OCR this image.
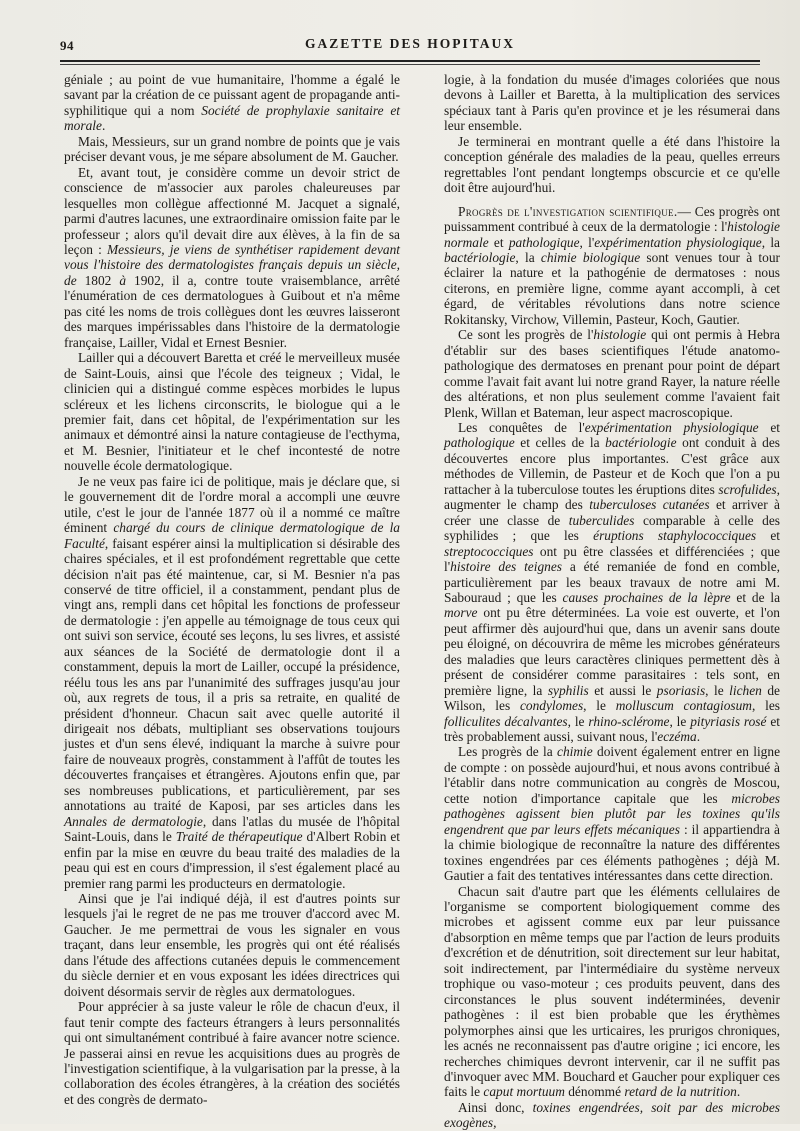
94	GAZETTE DES HOPITAUX

géniale ; au point de vue humanitaire, l'homme a égalé le savant par la création de ce puissant agent de propagande anti-syphilitique qui a nom Société de prophylaxie sanitaire et morale.

Mais, Messieurs, sur un grand nombre de points que je vais préciser devant vous, je me sépare absolument de M. Gaucher.

Et, avant tout, je considère comme un devoir strict de conscience de m'associer aux paroles chaleureuses par lesquelles mon collègue affectionné M. Jacquet a signalé, parmi d'autres lacunes, une extraordinaire omission faite par le professeur ; alors qu'il devait dire aux élèves, à la fin de sa leçon : Messieurs, je viens de synthétiser rapidement devant vous l'histoire des dermatologistes français depuis un siècle, de 1802 à 1902, il a, contre toute vraisemblance, arrêté l'énumération de ces dermatologues à Guibout et n'a même pas cité les noms de trois collègues dont les œuvres laisseront des marques impérissables dans l'histoire de la dermatologie française, Lailler, Vidal et Ernest Besnier.

Lailler qui a découvert Baretta et créé le merveilleux musée de Saint-Louis, ainsi que l'école des teigneux ; Vidal, le clinicien qui a distingué comme espèces morbides le lupus scléreux et les lichens circonscrits, le biologue qui a le premier fait, dans cet hôpital, de l'expérimentation sur les animaux et démontré ainsi la nature contagieuse de l'ecthyma, et M. Besnier, l'initiateur et le chef incontesté de notre nouvelle école dermatologique.

Je ne veux pas faire ici de politique, mais je déclare que, si le gouvernement dit de l'ordre moral a accompli une œuvre utile, c'est le jour de l'année 1877 où il a nommé ce maître éminent chargé du cours de clinique dermatologique de la Faculté, faisant espérer ainsi la multiplication si désirable des chaires spéciales, et il est profondément regrettable que cette décision n'ait pas été maintenue, car, si M. Besnier n'a pas conservé de titre officiel, il a constamment, pendant plus de vingt ans, rempli dans cet hôpital les fonctions de professeur de dermatologie : j'en appelle au témoignage de tous ceux qui ont suivi son service, écouté ses leçons, lu ses livres, et assisté aux séances de la Société de dermatologie dont il a constamment, depuis la mort de Lailler, occupé la présidence, réélu tous les ans par l'unanimité des suffrages jusqu'au jour où, aux regrets de tous, il a pris sa retraite, en qualité de président d'honneur. Chacun sait avec quelle autorité il dirigeait nos débats, multipliant ses observations toujours justes et d'un sens élevé, indiquant la marche à suivre pour faire de nouveaux progrès, constamment à l'affût de toutes les découvertes françaises et étrangères. Ajoutons enfin que, par ses nombreuses publications, et particulièrement, par ses annotations au traité de Kaposi, par ses articles dans les Annales de dermatologie, dans l'atlas du musée de l'hôpital Saint-Louis, dans le Traité de thérapeutique d'Albert Robin et enfin par la mise en œuvre du beau traité des maladies de la peau qui est en cours d'impression, il s'est également placé au premier rang parmi les producteurs en dermatologie.

Ainsi que je l'ai indiqué déjà, il est d'autres points sur lesquels j'ai le regret de ne pas me trouver d'accord avec M. Gaucher. Je me permettrai de vous les signaler en vous traçant, dans leur ensemble, les progrès qui ont été réalisés dans l'étude des affections cutanées depuis le commencement du siècle dernier et en vous exposant les idées directrices qui doivent désormais servir de règles aux dermatologues.

Pour apprécier à sa juste valeur le rôle de chacun d'eux, il faut tenir compte des facteurs étrangers à leurs personnalités qui ont simultanément contribué à faire avancer notre science. Je passerai ainsi en revue les acquisitions dues au progrès de l'investigation scientifique, à la vulgarisation par la presse, à la collaboration des écoles étrangères, à la création des sociétés et des congrès de dermato-

logie, à la fondation du musée d'images coloriées que nous devons à Lailler et Baretta, à la multiplication des services spéciaux tant à Paris qu'en province et je les résumerai dans leur ensemble.

Je terminerai en montrant quelle a été dans l'histoire la conception générale des maladies de la peau, quelles erreurs regrettables l'ont pendant longtemps obscurcie et ce qu'elle doit être aujourd'hui.

Progrès de l'investigation scientifique.— Ces progrès ont puissamment contribué à ceux de la dermatologie : l'histologie normale et pathologique, l'expérimentation physiologique, la bactériologie, la chimie biologique sont venues tour à tour éclairer la nature et la pathogénie de dermatoses : nous citerons, en première ligne, comme ayant accompli, à cet égard, de véritables révolutions dans notre science Rokitansky, Virchow, Villemin, Pasteur, Koch, Gautier.

Ce sont les progrès de l'histologie qui ont permis à Hebra d'établir sur des bases scientifiques l'étude anatomo-pathologique des dermatoses en prenant pour point de départ comme l'avait fait avant lui notre grand Rayer, la nature réelle des altérations, et non plus seulement comme l'avaient fait Plenk, Willan et Bateman, leur aspect macroscopique.

Les conquêtes de l'expérimentation physiologique et pathologique et celles de la bactériologie ont conduit à des découvertes encore plus importantes. C'est grâce aux méthodes de Villemin, de Pasteur et de Koch que l'on a pu rattacher à la tuberculose toutes les éruptions dites scrofulides, augmenter le champ des tuberculoses cutanées et arriver à créer une classe de tuberculides comparable à celle des syphilides ; que les éruptions staphylococciques et streptococciques ont pu être classées et différenciées ; que l'histoire des teignes a été remaniée de fond en comble, particulièrement par les beaux travaux de notre ami M. Sabouraud ; que les causes prochaines de la lèpre et de la morve ont pu être déterminées. La voie est ouverte, et l'on peut affirmer dès aujourd'hui que, dans un avenir sans doute peu éloigné, on découvrira de même les microbes générateurs des maladies que leurs caractères cliniques permettent dès à présent de considérer comme parasitaires : tels sont, en première ligne, la syphilis et aussi le psoriasis, le lichen de Wilson, les condylomes, le molluscum contagiosum, les folliculites décalvantes, le rhino-sclérome, le pityriasis rosé et très probablement aussi, suivant nous, l'eczéma.

Les progrès de la chimie doivent également entrer en ligne de compte : on possède aujourd'hui, et nous avons contribué à l'établir dans notre communication au congrès de Moscou, cette notion d'importance capitale que les microbes pathogènes agissent bien plutôt par les toxines qu'ils engendrent que par leurs effets mécaniques : il appartiendra à la chimie biologique de reconnaître la nature des différentes toxines engendrées par ces éléments pathogènes ; déjà M. Gautier a fait des tentatives intéressantes dans cette direction.

Chacun sait d'autre part que les éléments cellulaires de l'organisme se comportent biologiquement comme des microbes et agissent comme eux par leur puissance d'absorption en même temps que par l'action de leurs produits d'excrétion et de dénutrition, soit directement sur leur habitat, soit indirectement, par l'intermédiaire du système nerveux trophique ou vaso-moteur ; ces produits peuvent, dans des circonstances le plus souvent indéterminées, devenir pathogènes : il est bien probable que les érythèmes polymorphes ainsi que les urticaires, les prurigos chroniques, les acnés ne reconnaissent pas d'autre origine ; ici encore, les recherches chimiques devront intervenir, car il ne suffit pas d'invoquer avec MM. Bouchard et Gaucher pour expliquer ces faits le caput mortuum dénommé retard de la nutrition.

Ainsi donc, toxines engendrées, soit par des microbes exogènes,
